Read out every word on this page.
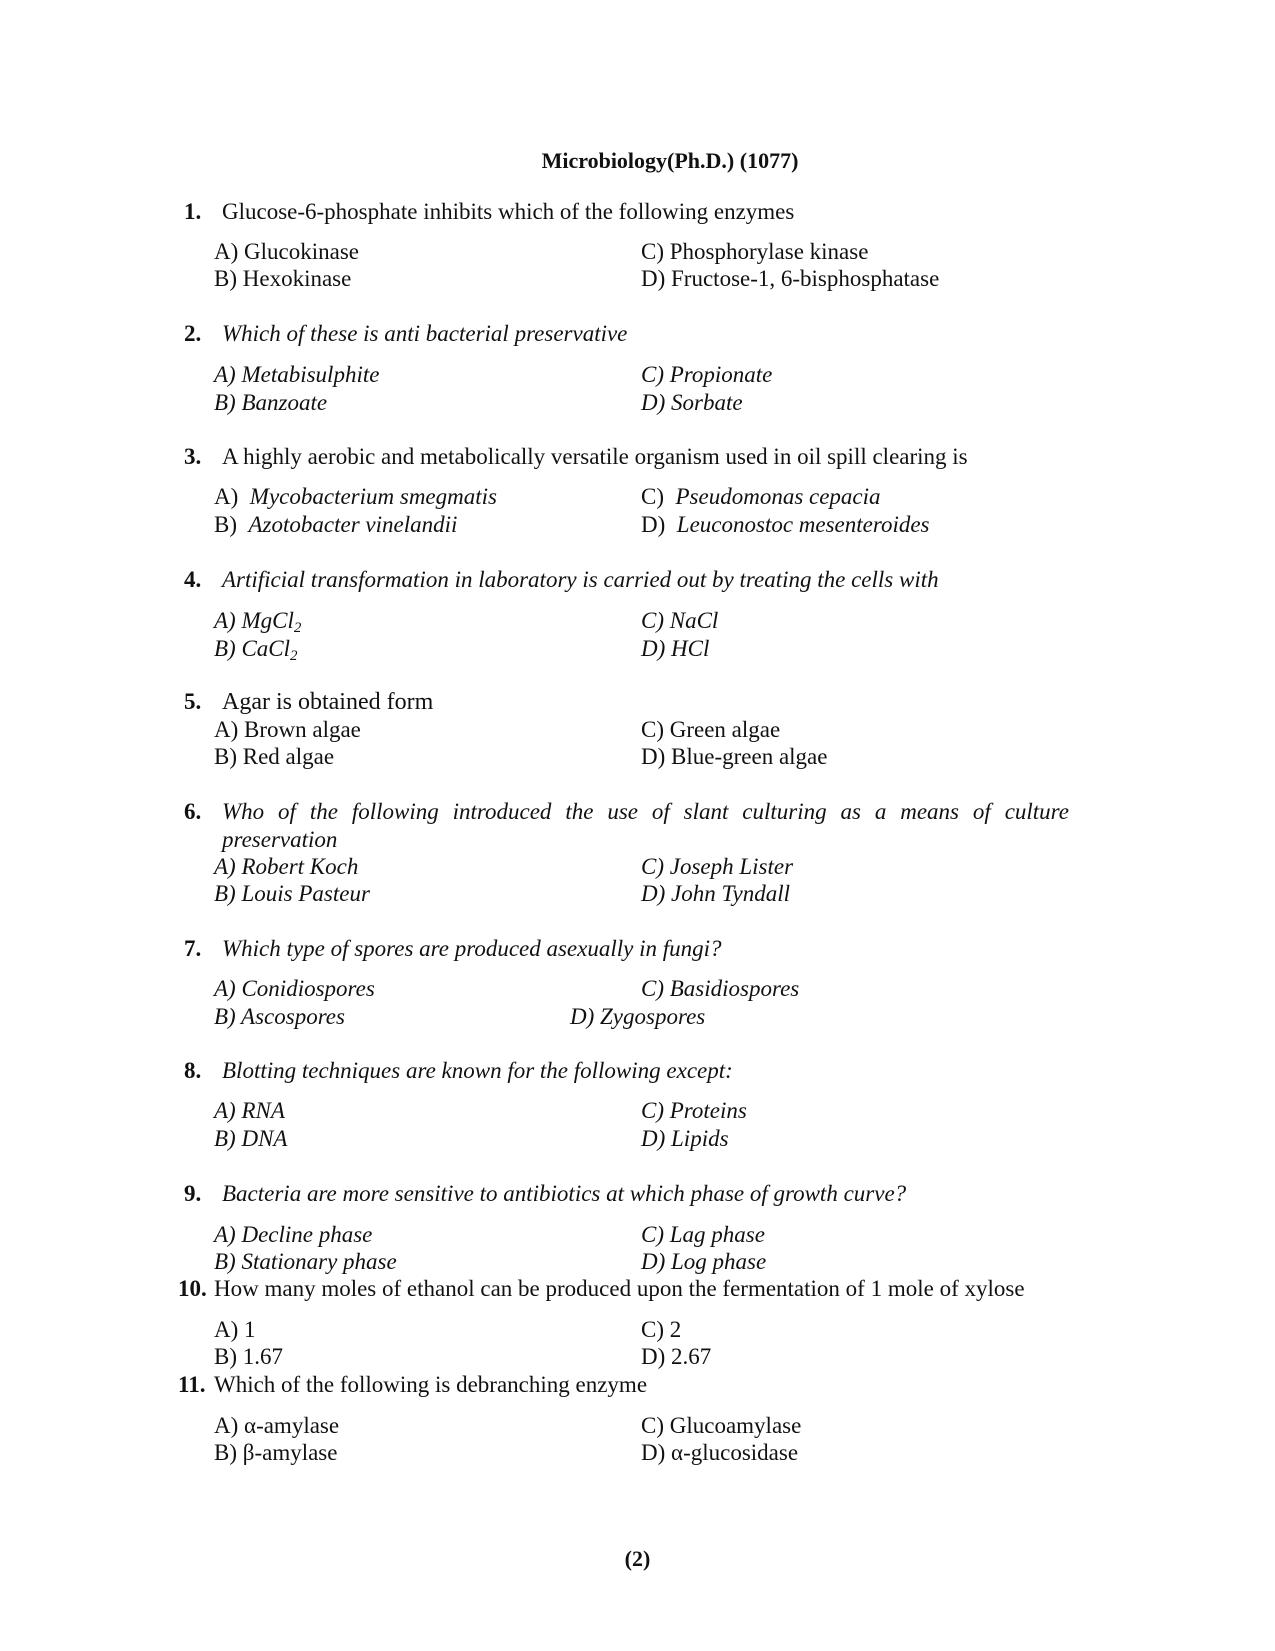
Microbiology(Ph.D.) (1077)
1. Glucose-6-phosphate inhibits which of the following enzymes
A) Glucokinase
B) Hexokinase
C) Phosphorylase kinase
D) Fructose-1, 6-bisphosphatase
2. Which of these is anti bacterial preservative
A) Metabisulphite
B) Banzoate
C) Propionate
D) Sorbate
3. A highly aerobic and metabolically versatile organism used in oil spill clearing is
A) Mycobacterium smegmatis
B) Azotobacter vinelandii
C) Pseudomonas cepacia
D) Leuconostoc mesenteroides
4. Artificial transformation in laboratory is carried out by treating the cells with
A) MgCl$_2$
B) CaCl$_2$
C) NaCl
D) HCl
5. Agar is obtained form
A) Brown algae
B) Red algae
C) Green algae
D) Blue-green algae
6. Who of the following introduced the use of slant culturing as a means of culture preservation
A) Robert Koch
B) Louis Pasteur
C) Joseph Lister
D) John Tyndall
7. Which type of spores are produced asexually in fungi?
A) Conidiospores
B) Ascospores
C) Basidiospores
D) Zygospores
8. Blotting techniques are known for the following except:
A) RNA
B) DNA
C) Proteins
D) Lipids
9. Bacteria are more sensitive to antibiotics at which phase of growth curve?
A) Decline phase
B) Stationary phase
C) Lag phase
D) Log phase
10. How many moles of ethanol can be produced upon the fermentation of 1 mole of xylose
A) 1
B) 1.67
C) 2
D) 2.67
11. Which of the following is debranching enzyme
A) α-amylase
B) β-amylase
C) Glucoamylase
D) α-glucosidase
(2)
